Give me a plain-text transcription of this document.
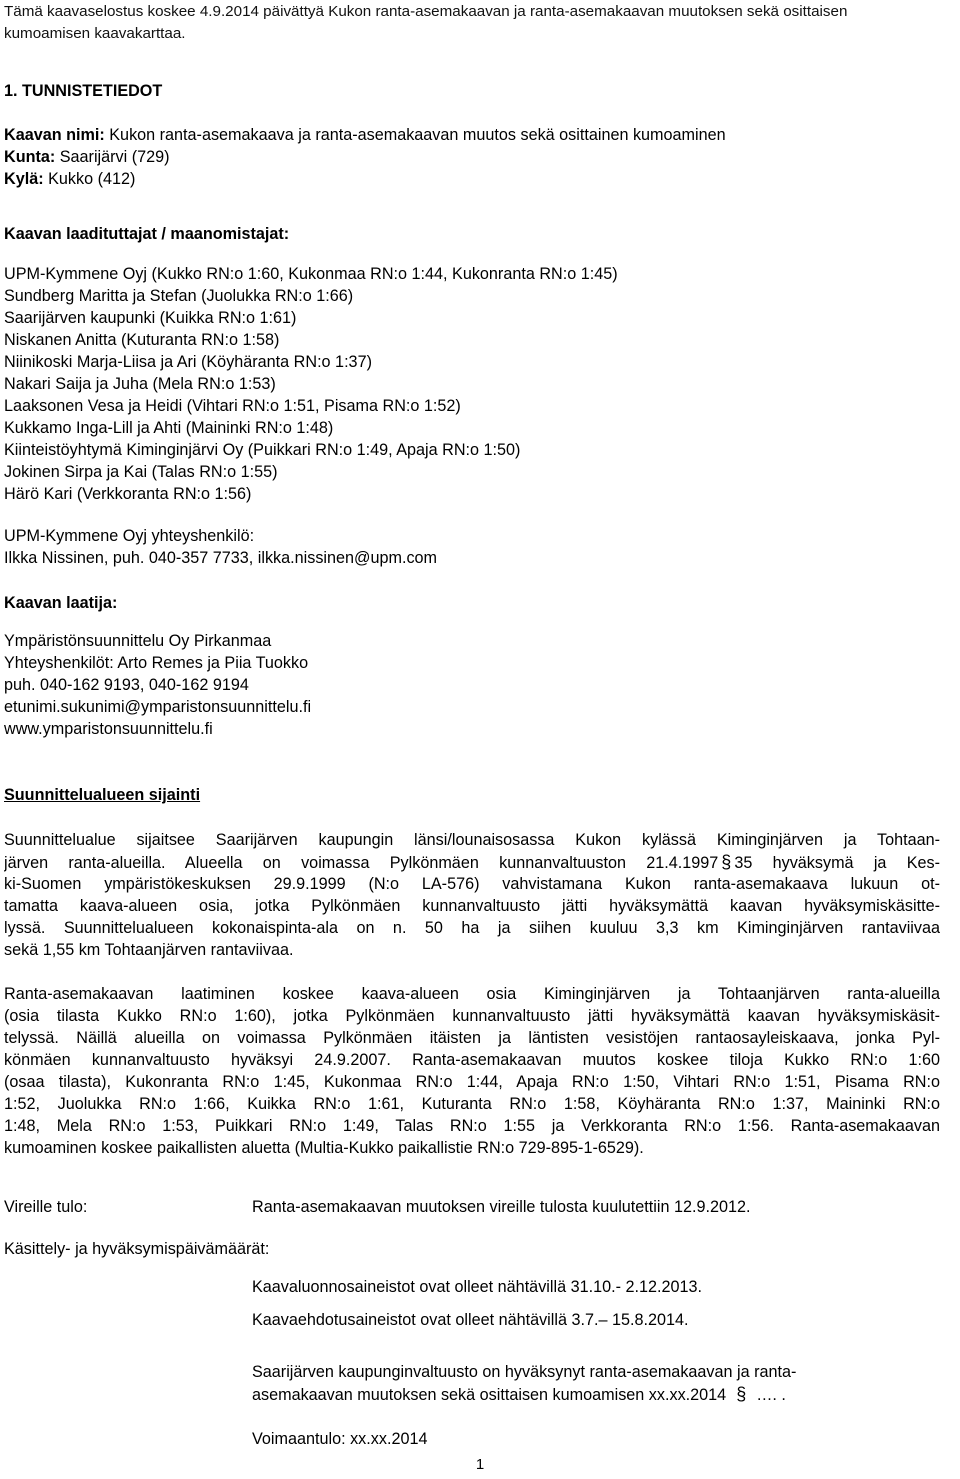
Tämä kaavaselostus koskee 4.9.2014 päivättyä Kukon ranta-asemakaavan ja ranta-asemakaavan muutoksen sekä osittaisen
kumoamisen kaavakarttaa.
1. TUNNISTETIEDOT
Kaavan nimi: Kukon ranta-asemakaava ja ranta-asemakaavan muutos sekä osittainen kumoaminen
Kunta: Saarijärvi (729)
Kylä: Kukko (412)
Kaavan laadituttajat / maanomistajat:
UPM-Kymmene Oyj (Kukko RN:o 1:60, Kukonmaa RN:o 1:44, Kukonranta RN:o 1:45)
Sundberg Maritta ja Stefan (Juolukka RN:o 1:66)
Saarijärven kaupunki (Kuikka RN:o 1:61)
Niskanen Anitta (Kuturanta RN:o 1:58)
Niinikoski Marja-Liisa ja Ari (Köyhäranta RN:o 1:37)
Nakari Saija ja Juha (Mela RN:o 1:53)
Laaksonen Vesa ja Heidi (Vihtari RN:o 1:51, Pisama RN:o 1:52)
Kukkamo Inga-Lill ja Ahti (Maininki RN:o 1:48)
Kiinteistöyhtymä Kiminginjärvi Oy (Puikkari RN:o 1:49, Apaja RN:o 1:50)
Jokinen Sirpa ja Kai (Talas RN:o 1:55)
Härö Kari (Verkkoranta RN:o 1:56)
UPM-Kymmene Oyj yhteyshenkilö:
Ilkka Nissinen, puh. 040-357 7733, ilkka.nissinen@upm.com
Kaavan laatija:
Ympäristönsuunnittelu Oy Pirkanmaa
Yhteyshenkilöt: Arto Remes ja Piia Tuokko
puh. 040-162 9193, 040-162 9194
etunimi.sukunimi@ymparistonsuunnittelu.fi
www.ymparistonsuunnittelu.fi
Suunnittelualueen sijainti

Suunnittelualue sijaitsee Saarijärven kaupungin länsi/lounaisosassa Kukon kylässä Kiminginjärven ja Tohtaan-

järven ranta-alueilla. Alueella on voimassa Pylkönmäen kunnanvaltuuston 21.4.1997 § 35 hyväksymä ja Kes-

ki-Suomen ympäristökeskuksen 29.9.1999 (N:o LA-576) vahvistamana Kukon ranta-asemakaava lukuun ot-

tamatta kaava-alueen osia, jotka Pylkönmäen kunnanvaltuusto jätti hyväksymättä kaavan hyväksymiskäsitte-

lyssä. Suunnittelualueen kokonaispinta-ala on n. 50 ha ja siihen kuuluu 3,3 km Kiminginjärven rantaviivaa

sekä 1,55 km Tohtaanjärven rantaviivaa.

Ranta-asemakaavan laatiminen koskee kaava-alueen osia Kiminginjärven ja Tohtaanjärven ranta-alueilla

(osia tilasta Kukko RN:o 1:60), jotka Pylkönmäen kunnanvaltuusto jätti hyväksymättä kaavan hyväksymiskäsit-

telyssä. Näillä alueilla on voimassa Pylkönmäen itäisten ja läntisten vesistöjen rantaosayleiskaava, jonka Pyl-

könmäen kunnanvaltuusto hyväksyi 24.9.2007. Ranta-asemakaavan muutos koskee tiloja Kukko RN:o 1:60

(osaa tilasta), Kukonranta RN:o 1:45, Kukonmaa RN:o 1:44, Apaja RN:o 1:50, Vihtari RN:o 1:51, Pisama RN:o

1:52, Juolukka RN:o 1:66, Kuikka RN:o 1:61, Kuturanta RN:o 1:58, Köyhäranta RN:o 1:37, Maininki RN:o

1:48, Mela RN:o 1:53, Puikkari RN:o 1:49, Talas RN:o 1:55 ja Verkkoranta RN:o 1:56. Ranta-asemakaavan

kumoaminen koskee paikallisten aluetta (Multia-Kukko paikallistie RN:o 729-895-1-6529).

Vireille tulo:	Ranta-asemakaavan muutoksen vireille tulosta kuulutettiin 12.9.2012.
Käsittely- ja hyväksymispäivämäärät:
Kaavaluonnosaineistot ovat olleet nähtävillä 31.10.- 2.12.2013.
Kaavaehdotusaineistot ovat olleet nähtävillä 3.7.– 15.8.2014.
Saarijärven kaupunginvaltuusto on hyväksynyt ranta-asemakaavan ja ranta-
asemakaavan muutoksen sekä osittaisen kumoamisen xx.xx.2014 § …. .
Voimaantulo: xx.xx.2014
1
